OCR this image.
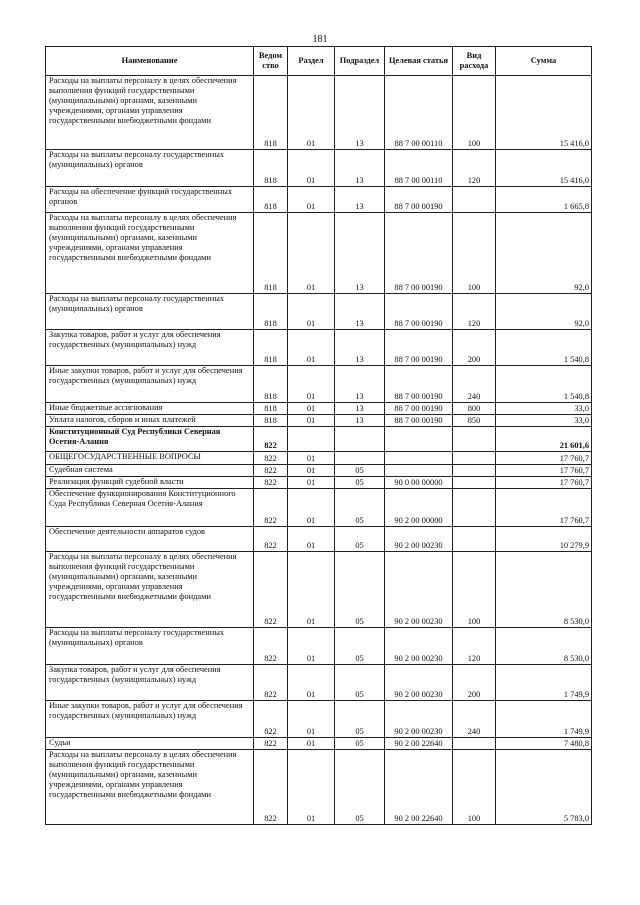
181
Наименование	Ведом ство	Раздел	Подраздел	Целевая статья	Вид расхода	Сумма
Расходы на выплаты персоналу в целях обеспечения выполнения функций государственными (муниципальными) органами, казенными учреждениями, органами управления государственными внебюджетными фондами	818	01	13	88 7 00 00110	100	15 416,0
Расходы на выплаты персоналу государственных (муниципальных) органов	818	01	13	88 7 00 00110	120	15 416,0
Расходы на обеспечение функций государственных органов	818	01	13	88 7 00 00190		1 665,8
Расходы на выплаты персоналу в целях обеспечения выполнения функций государственными (муниципальными) органами, казенными учреждениями, органами управления государственными внебюджетными фондами	818	01	13	88 7 00 00190	100	92,0
Расходы на выплаты персоналу государственных (муниципальных) органов	818	01	13	88 7 00 00190	120	92,0
Закупка товаров, работ и услуг для обеспечения государственных (муниципальных) нужд	818	01	13	88 7 00 00190	200	1 540,8
Иные закупки товаров, работ и услуг для обеспечения государственных (муниципальных) нужд	818	01	13	88 7 00 00190	240	1 540,8
Иные бюджетные ассигнования	818	01	13	88 7 00 00190	800	33,0
Уплата налогов, сборов и иных платежей	818	01	13	88 7 00 00190	850	33,0
Конституционный Суд Республики Северная Осетия-Алания	822					21 601,6
ОБЩЕГОСУДАРСТВЕННЫЕ ВОПРОСЫ	822	01				17 760,7
Судебная система	822	01	05			17 760,7
Реализация функций судебной власти	822	01	05	90 0 00 00000		17 760,7
Обеспечение функционирования Конституционного Суда Республики Северная Осетия-Алания	822	01	05	90 2 00 00000		17 760,7
Обеспечение деятельности аппаратов судов	822	01	05	90 2 00 00230		10 279,9
Расходы на выплаты персоналу в целях обеспечения выполнения функций государственными (муниципальными) органами, казенными учреждениями, органами управления государственными внебюджетными фондами	822	01	05	90 2 00 00230	100	8 530,0
Расходы на выплаты персоналу государственных (муниципальных) органов	822	01	05	90 2 00 00230	120	8 530,0
Закупка товаров, работ и услуг для обеспечения государственных (муниципальных) нужд	822	01	05	90 2 00 00230	200	1 749,9
Иные закупки товаров, работ и услуг для обеспечения государственных (муниципальных) нужд	822	01	05	90 2 00 00230	240	1 749,9
Судьи	822	01	05	90 2 00 22640		7 480,8
Расходы на выплаты персоналу в целях обеспечения выполнения функций государственными (муниципальными) органами, казенными учреждениями, органами управления государственными внебюджетными фондами	822	01	05	90 2 00 22640	100	5 783,0
